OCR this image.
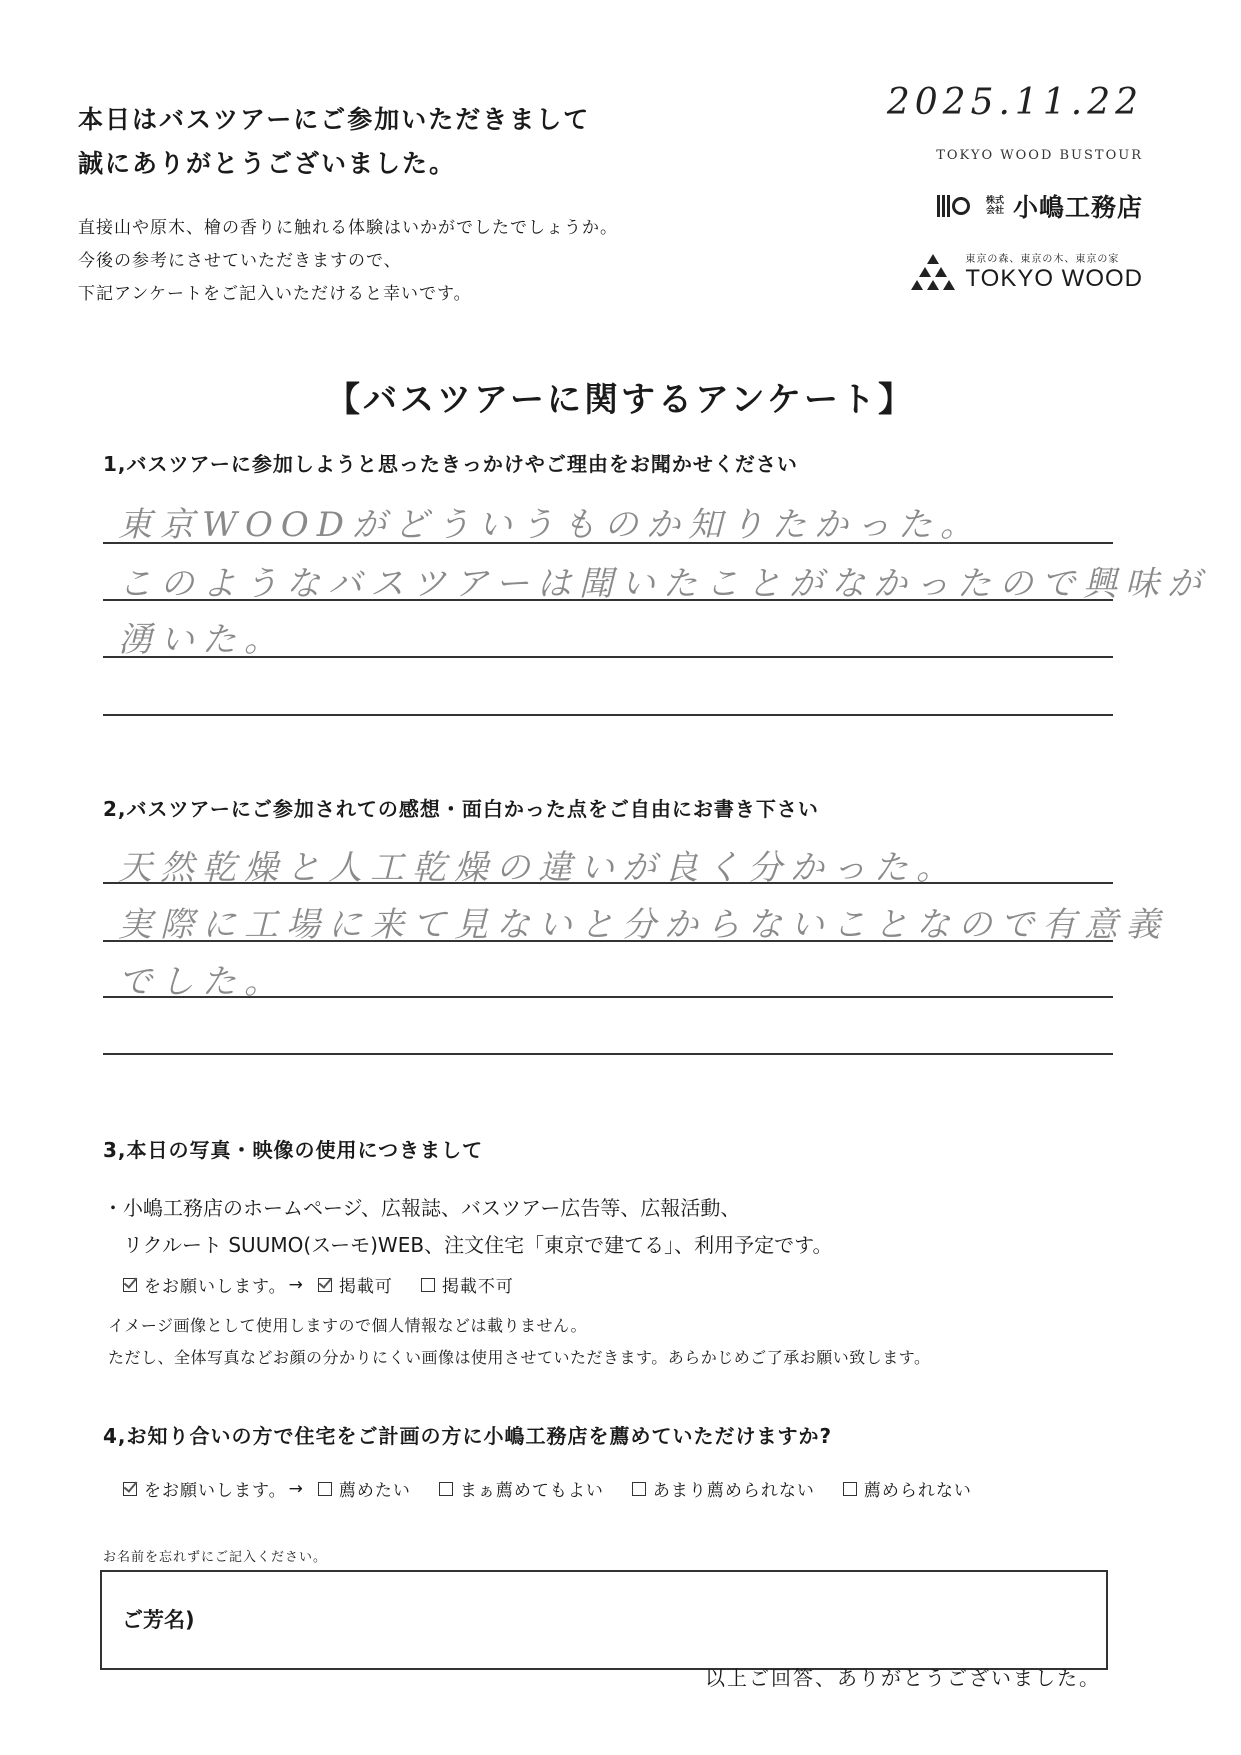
本日はバスツアーにご参加いただきまして
誠にありがとうございました。
直接山や原木、檜の香りに触れる体験はいかがでしたでしょうか。
今後の参考にさせていただきますので、
下記アンケートをご記入いただけると幸いです。
2025.11.22
TOKYO WOOD BUSTOUR
株式会社 小嶋工務店
東京の森、東京の木、東京の家
TOKYO WOOD
【バスツアーに関するアンケート】
1,バスツアーに参加しようと思ったきっかけやご理由をお聞かせください
東京WOODがどういうものか知りたかった。
このようなバスツアーは聞いたことがなかったので興味が
湧いた。
2,バスツアーにご参加されての感想・面白かった点をご自由にお書き下さい
天然乾燥と人工乾燥の違いが良く分かった。
実際に工場に来て見ないと分からないことなので有意義
でした。
3,本日の写真・映像の使用につきまして
・ 小嶋工務店のホームページ、広報誌、バスツアー広告等、広報活動、
リクルート SUUMO(スーモ)WEB、注文住宅「東京で建てる」、利用予定です。
をお願いします。 → 掲載可	掲載不可
イメージ画像として使用しますので個人情報などは載りません。
ただし、全体写真などお顔の分かりにくい画像は使用させていただきます。あらかじめご了承お願い致します。
4,お知り合いの方で住宅をご計画の方に小嶋工務店を薦めていただけますか?
をお願いします。 → 薦めたい	まぁ薦めてもよい	あまり薦められない	薦められない
お名前を忘れずにご記入ください。
ご芳名)
以上ご回答、ありがとうございました。
